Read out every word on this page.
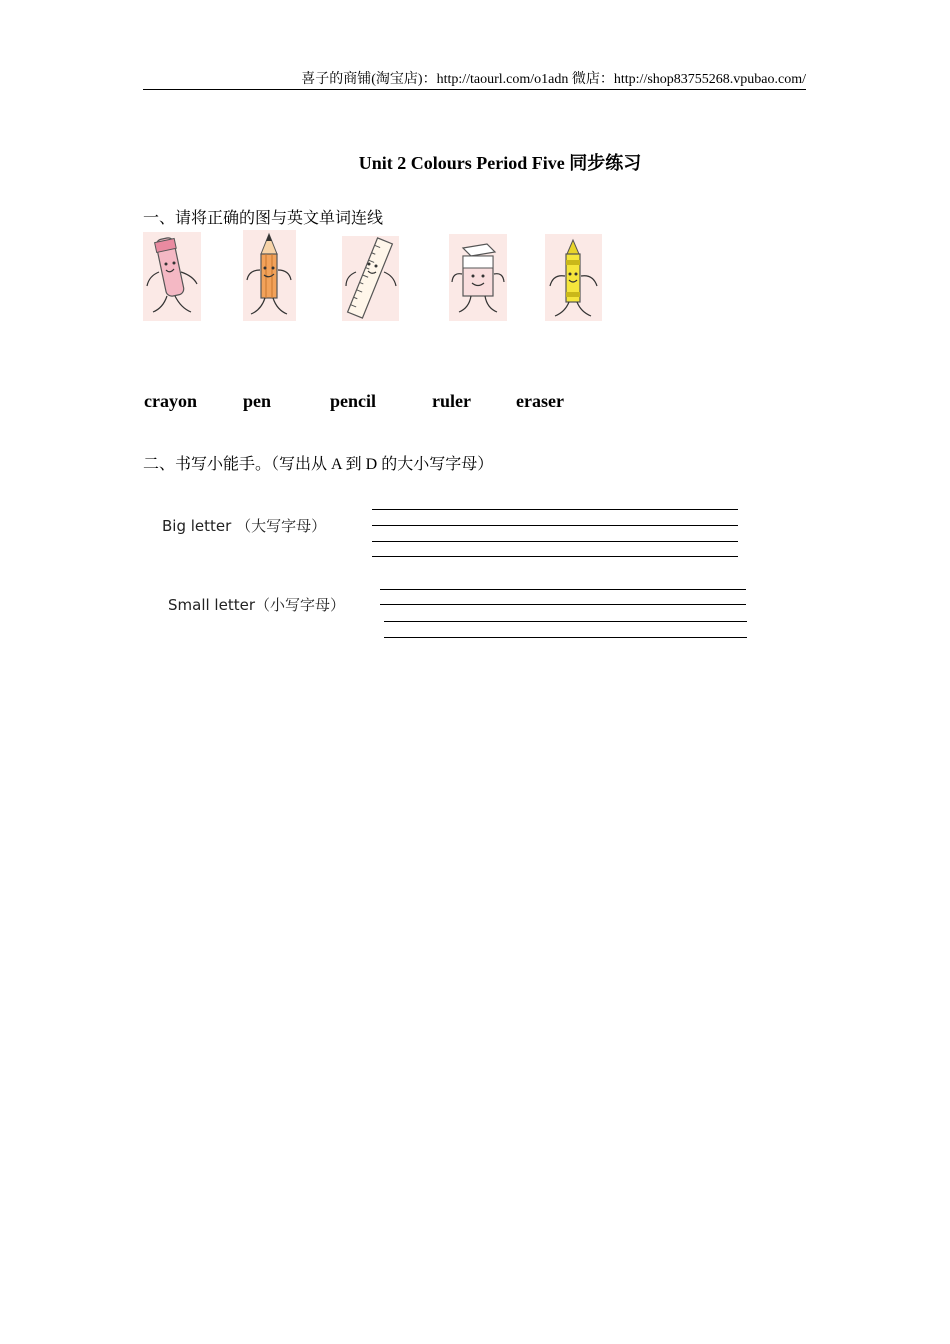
喜子的商铺(淘宝店)：http://taourl.com/o1adn 微店：http://shop83755268.vpubao.com/
Unit 2 Colours Period Five 同步练习
一、请将正确的图与英文单词连线
crayon	pen	pencil	ruler	eraser
二、书写小能手。（写出从 A 到 D 的大小写字母）
Big letter （大写字母）
Small letter（小写字母）
